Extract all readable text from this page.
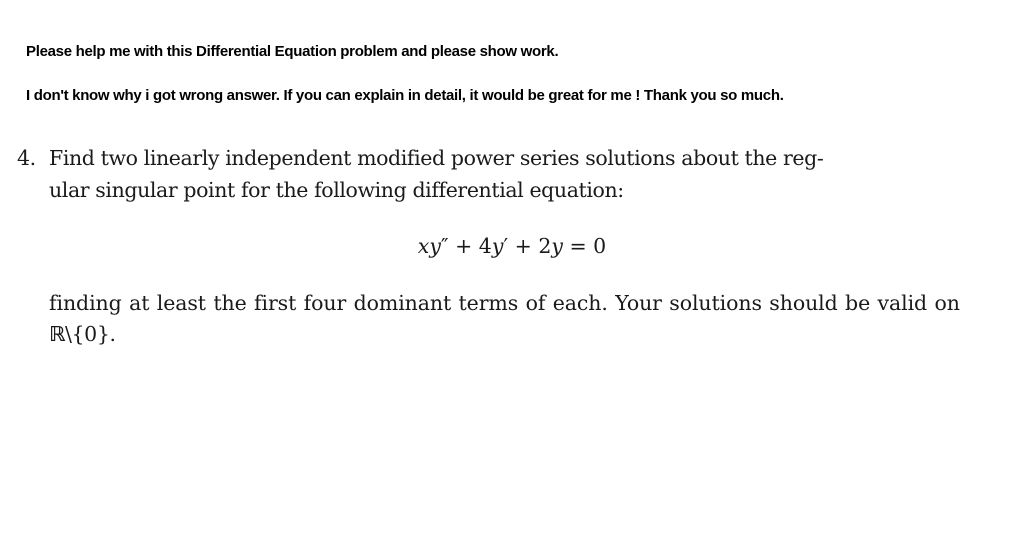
Please help me with this Differential Equation problem and please show work.
I don't know why i got wrong answer. If you can explain in detail, it would be great for me ! Thank you so much.
4. Find two linearly independent modified power series solutions about the reg-
ular singular point for the following differential equation:
xy″ + 4y′ + 2y = 0
finding at least the first four dominant terms of each. Your solutions should be valid on
ℝ\{0}.
